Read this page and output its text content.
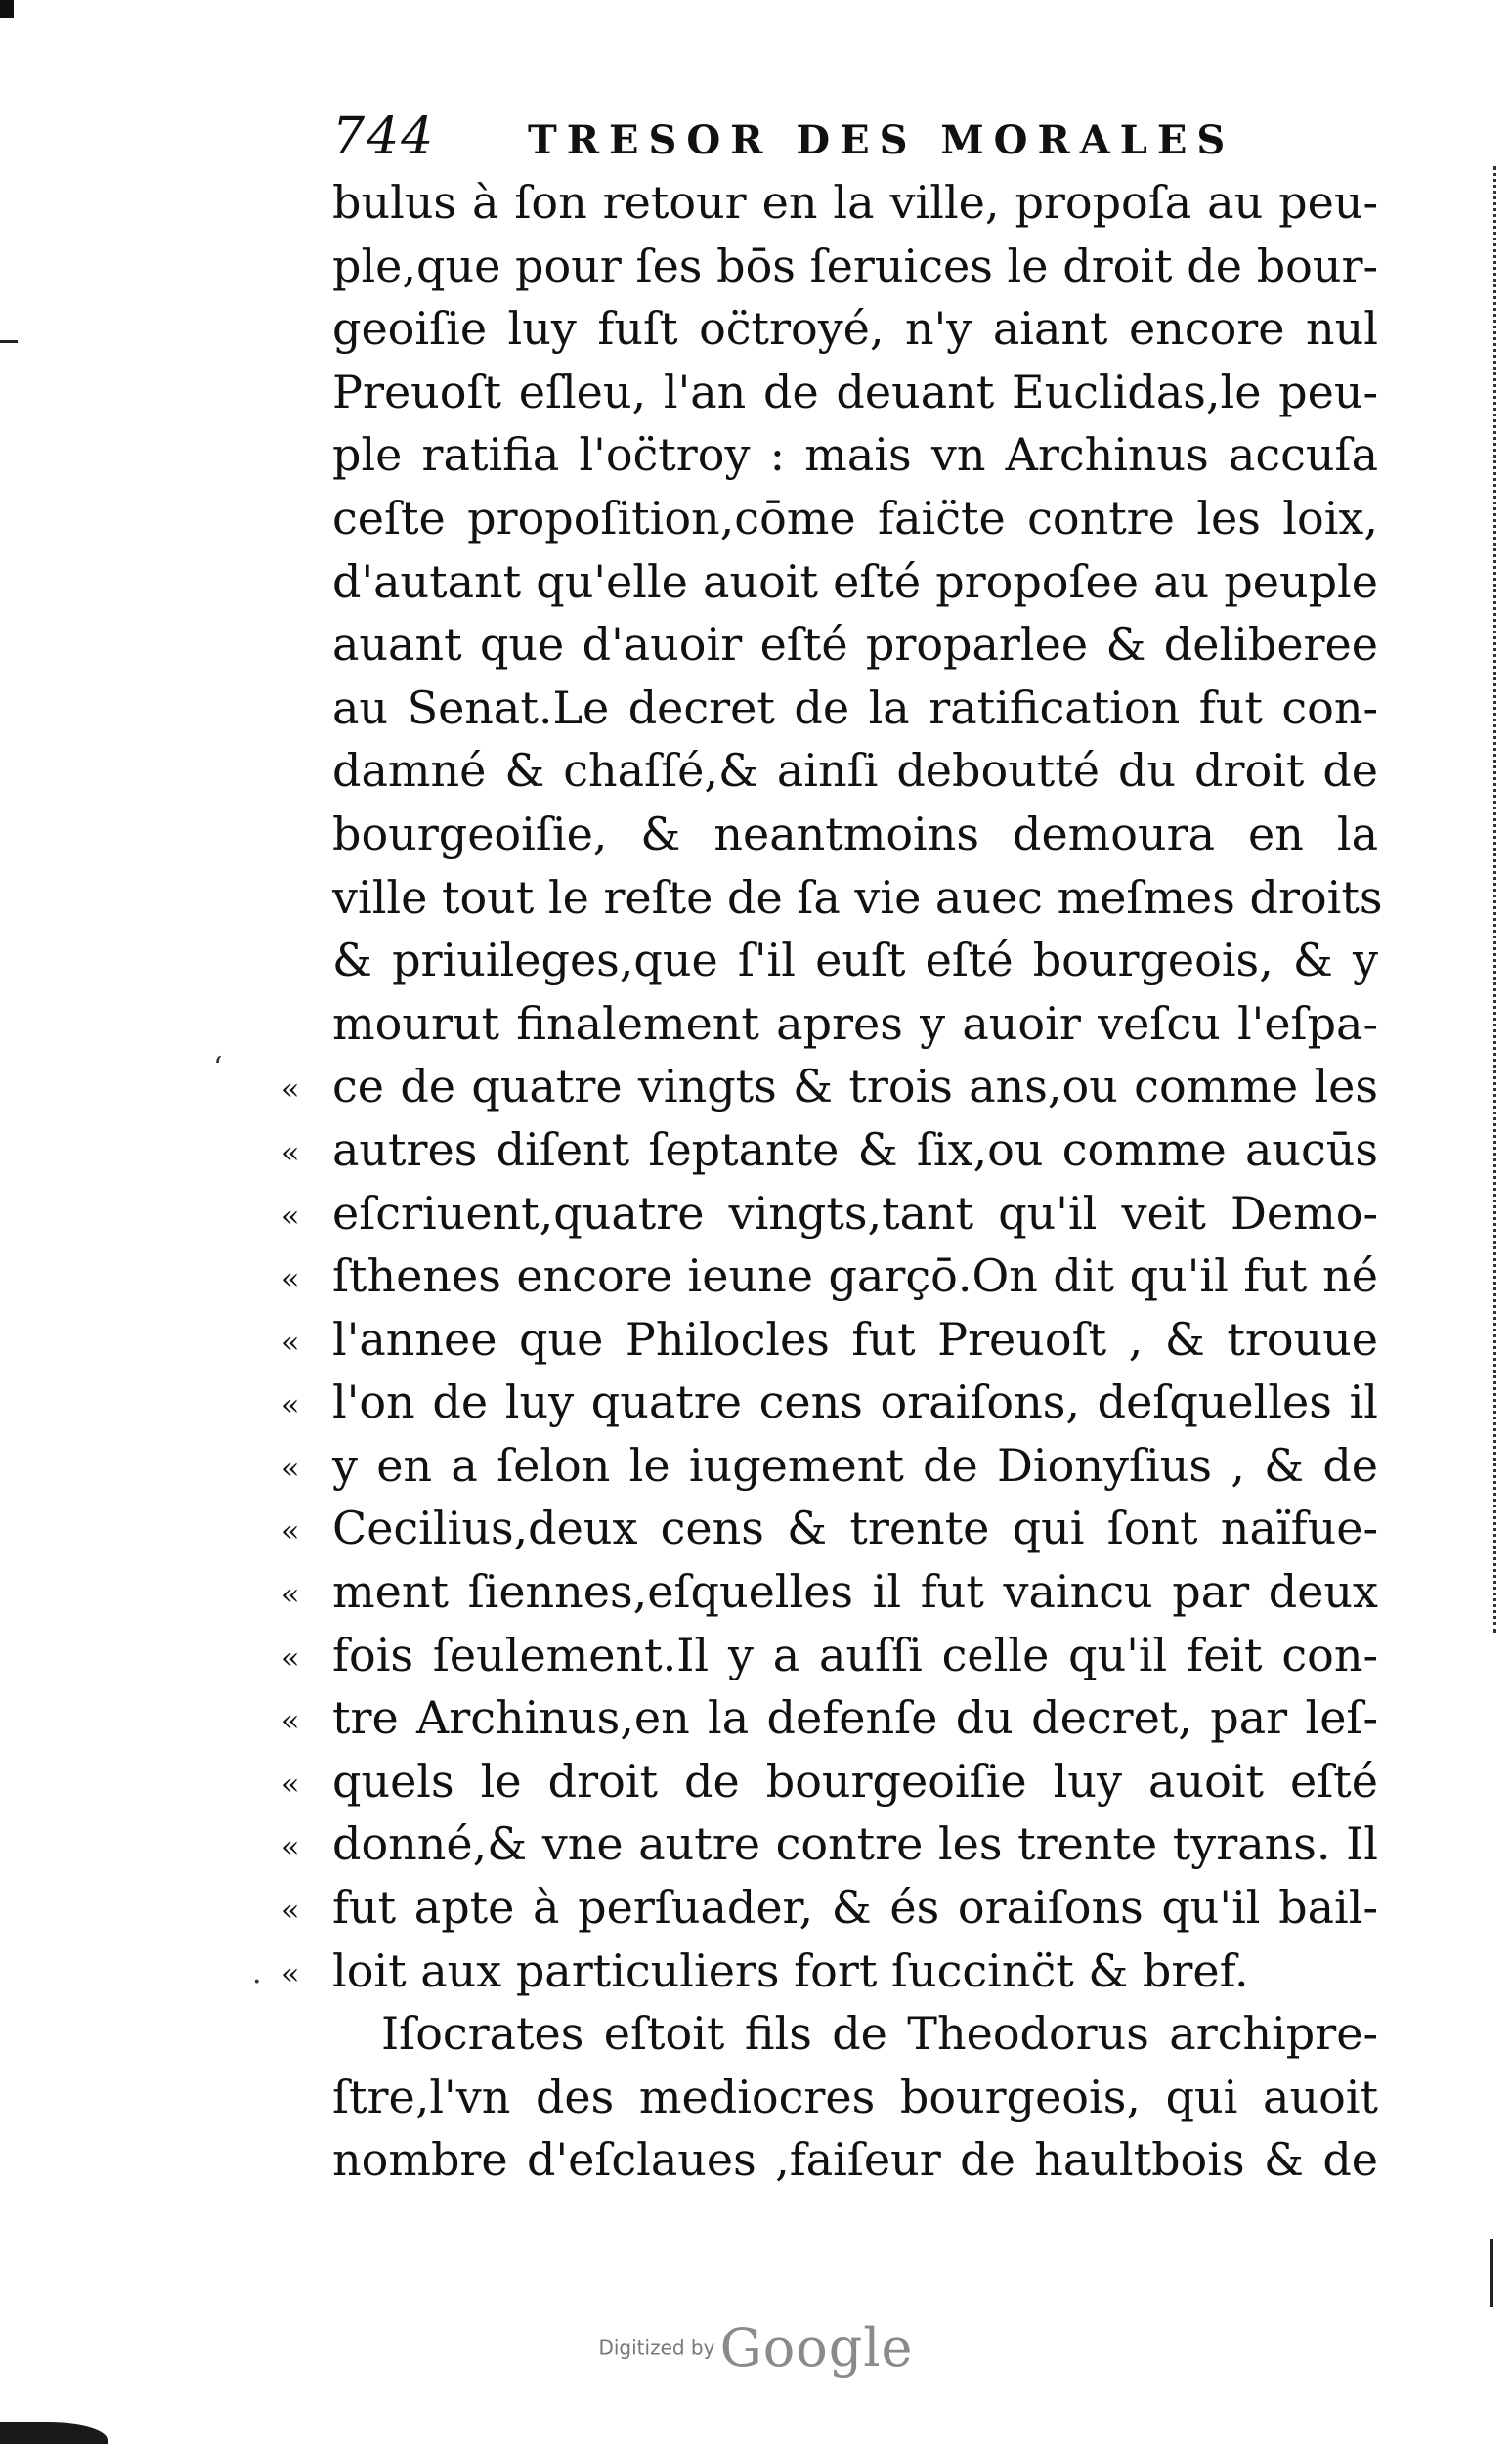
‘
·
744	TRESOR DES MORALES
bulus à ſon retour en la ville, propoſa au peu-
ple,que pour ſes bōs ſeruices le droit de bour-
geoiſie luy fuſt oc̈troyé, n'y aiant encore nul
Preuoſt eſleu, l'an de deuant Euclidas,le peu-
ple ratifia l'oc̈troy : mais vn Archinus accuſa
ceſte propoſition,cōme faic̈te contre les loix,
d'autant qu'elle auoit eſté propoſee au peuple
auant que d'auoir eſté proparlee & deliberee
au Senat.Le decret de la ratification fut con-
damné & chaſſé,& ainſi deboutté du droit de
bourgeoiſie, & neantmoins demoura en la
ville tout le reſte de ſa vie auec meſmes droits
& priuileges,que ſ'il euſt eſté bourgeois, & y
mourut finalement apres y auoir veſcu l'eſpa-
« ce de quatre vingts & trois ans,ou comme les
« autres diſent ſeptante & ſix,ou comme aucūs
« eſcriuent,quatre vingts,tant qu'il veit Demo-
« ſthenes encore ieune garçō.On dit qu'il fut né
« l'annee que Philocles fut Preuoſt , & trouue
« l'on de luy quatre cens oraiſons, deſquelles il
« y en a ſelon le iugement de Dionyſius , & de
« Cecilius,deux cens & trente qui ſont naïfue-
« ment ſiennes,eſquelles il fut vaincu par deux
« fois ſeulement.Il y a auſſi celle qu'il feit con-
« tre Archinus,en la defenſe du decret, par leſ-
« quels le droit de bourgeoiſie luy auoit eſté
« donné,& vne autre contre les trente tyrans. Il
« fut apte à perſuader, & és oraiſons qu'il bail-
« loit aux particuliers fort ſuccinc̈t & bref.
Iſocrates eſtoit fils de Theodorus archipre-
ſtre,l'vn des mediocres bourgeois, qui auoit
nombre d'eſclaues ,faiſeur de haultbois & de
Digitized by Google
